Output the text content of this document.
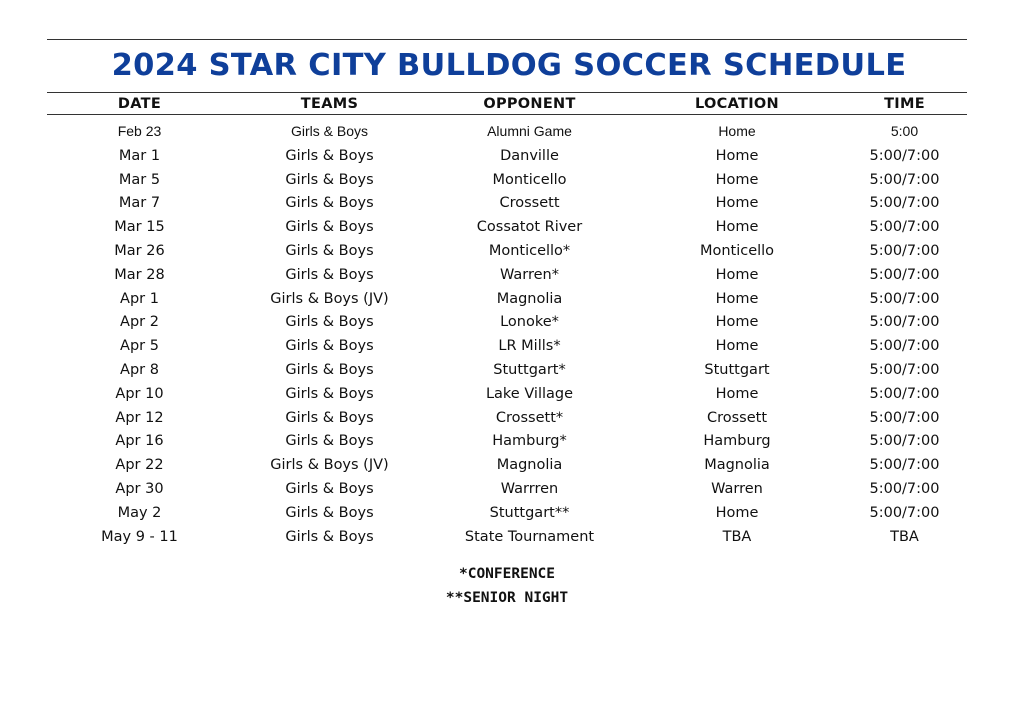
2024 STAR CITY BULLDOG SOCCER SCHEDULE
DATE	TEAMS	OPPONENT	LOCATION	TIME
Feb 23	Girls & Boys	Alumni Game	Home	5:00
Mar 1	Girls & Boys	Danville	Home	5:00/7:00
Mar 5	Girls & Boys	Monticello	Home	5:00/7:00
Mar 7	Girls & Boys	Crossett	Home	5:00/7:00
Mar 15	Girls & Boys	Cossatot River	Home	5:00/7:00
Mar 26	Girls & Boys	Monticello*	Monticello	5:00/7:00
Mar 28	Girls & Boys	Warren*	Home	5:00/7:00
Apr 1	Girls & Boys (JV)	Magnolia	Home	5:00/7:00
Apr 2	Girls & Boys	Lonoke*	Home	5:00/7:00
Apr 5	Girls & Boys	LR Mills*	Home	5:00/7:00
Apr 8	Girls & Boys	Stuttgart*	Stuttgart	5:00/7:00
Apr 10	Girls & Boys	Lake Village	Home	5:00/7:00
Apr 12	Girls & Boys	Crossett*	Crossett	5:00/7:00
Apr 16	Girls & Boys	Hamburg*	Hamburg	5:00/7:00
Apr 22	Girls & Boys (JV)	Magnolia	Magnolia	5:00/7:00
Apr 30	Girls & Boys	Warrren	Warren	5:00/7:00
May 2	Girls & Boys	Stuttgart**	Home	5:00/7:00
May 9 - 11	Girls & Boys	State Tournament	TBA	TBA
*CONFERENCE
**SENIOR NIGHT
